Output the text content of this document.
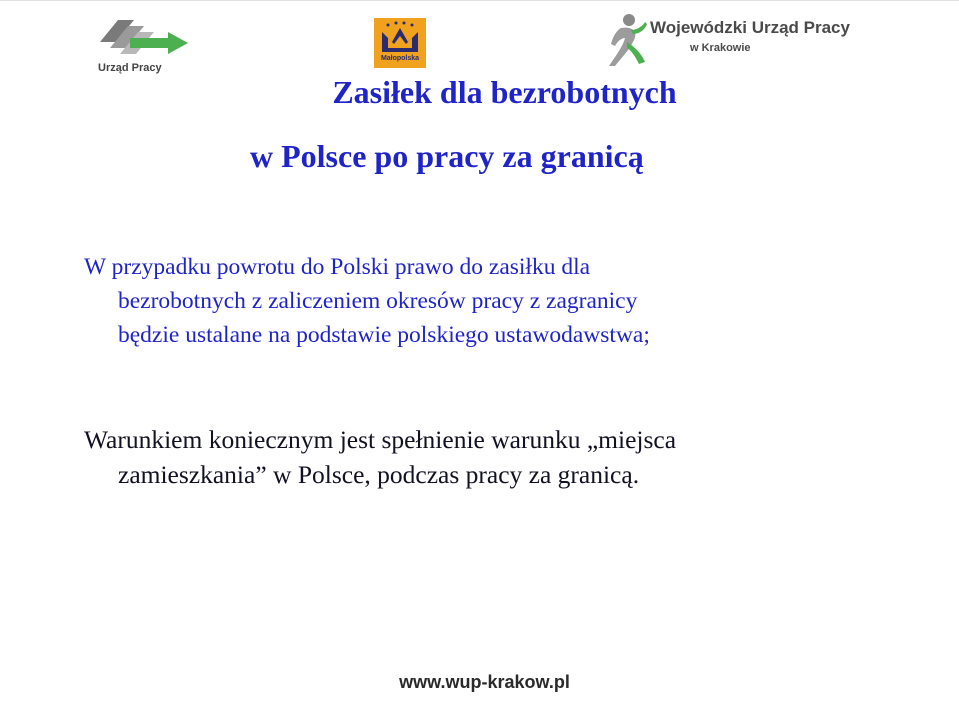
Urząd Pracy
Małopolska
Wojewódzki Urząd Pracy
w Krakowie
Zasiłek dla bezrobotnych
w Polsce po pracy za granicą
W przypadku powrotu do Polski prawo do zasiłku dla
bezrobotnych z zaliczeniem okresów pracy z zagranicy
będzie ustalane na podstawie polskiego ustawodawstwa;
Warunkiem koniecznym jest spełnienie warunku „miejsca
zamieszkania” w Polsce, podczas pracy za granicą.
www.wup-krakow.pl
